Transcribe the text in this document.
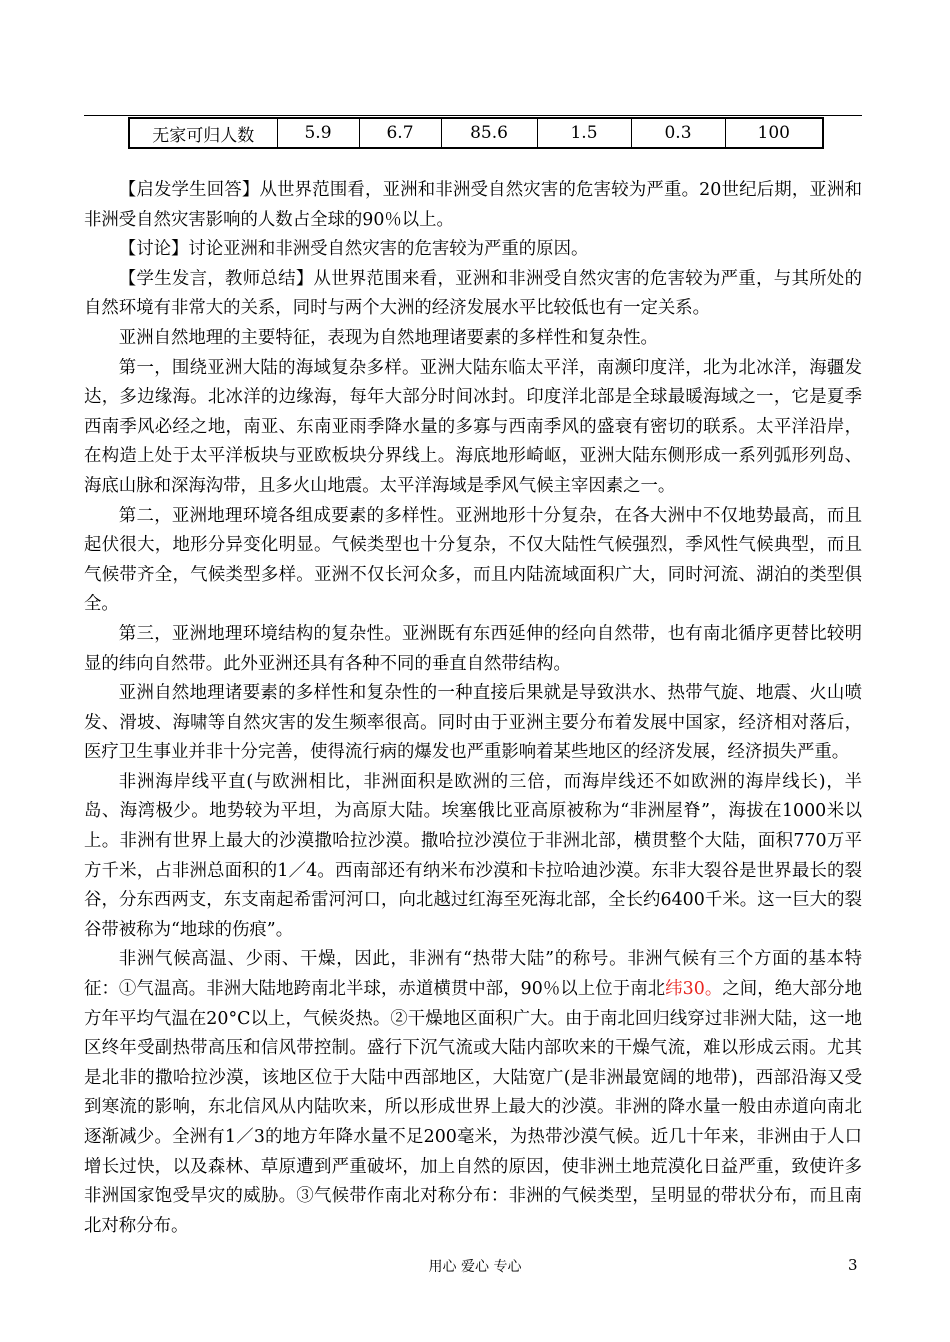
无家可归人数	5.9	6.7	85.6	1.5	0.3	100

【启发学生回答】从世界范围看，亚洲和非洲受自然灾害的危害较为严重。20世纪后期，亚洲和非洲受自然灾害影响的人数占全球的90％以上。

【讨论】讨论亚洲和非洲受自然灾害的危害较为严重的原因。

【学生发言，教师总结】从世界范围来看，亚洲和非洲受自然灾害的危害较为严重，与其所处的自然环境有非常大的关系，同时与两个大洲的经济发展水平比较低也有一定关系。

亚洲自然地理的主要特征，表现为自然地理诸要素的多样性和复杂性。

第一，围绕亚洲大陆的海域复杂多样。亚洲大陆东临太平洋，南濒印度洋，北为北冰洋，海疆发达，多边缘海。北冰洋的边缘海，每年大部分时间冰封。印度洋北部是全球最暖海域之一，它是夏季西南季风必经之地，南亚、东南亚雨季降水量的多寡与西南季风的盛衰有密切的联系。太平洋沿岸，在构造上处于太平洋板块与亚欧板块分界线上。海底地形崎岖，亚洲大陆东侧形成一系列弧形列岛、海底山脉和深海沟带，且多火山地震。太平洋海域是季风气候主宰因素之一。

第二，亚洲地理环境各组成要素的多样性。亚洲地形十分复杂，在各大洲中不仅地势最高，而且起伏很大，地形分异变化明显。气候类型也十分复杂，不仅大陆性气候强烈，季风性气候典型，而且气候带齐全，气候类型多样。亚洲不仅长河众多，而且内陆流域面积广大，同时河流、湖泊的类型俱全。

第三，亚洲地理环境结构的复杂性。亚洲既有东西延伸的经向自然带，也有南北循序更替比较明显的纬向自然带。此外亚洲还具有各种不同的垂直自然带结构。

亚洲自然地理诸要素的多样性和复杂性的一种直接后果就是导致洪水、热带气旋、地震、火山喷发、滑坡、海啸等自然灾害的发生频率很高。同时由于亚洲主要分布着发展中国家，经济相对落后，医疗卫生事业并非十分完善，使得流行病的爆发也严重影响着某些地区的经济发展，经济损失严重。

非洲海岸线平直(与欧洲相比，非洲面积是欧洲的三倍，而海岸线还不如欧洲的海岸线长)，半岛、海湾极少。地势较为平坦，为高原大陆。埃塞俄比亚高原被称为“非洲屋脊”，海拔在1000米以上。非洲有世界上最大的沙漠撒哈拉沙漠。撒哈拉沙漠位于非洲北部，横贯整个大陆，面积770万平方千米，占非洲总面积的1／4。西南部还有纳米布沙漠和卡拉哈迪沙漠。东非大裂谷是世界最长的裂谷，分东西两支，东支南起希雷河河口，向北越过红海至死海北部，全长约6400千米。这一巨大的裂谷带被称为“地球的伤痕”。

非洲气候高温、少雨、干燥，因此，非洲有“热带大陆”的称号。非洲气候有三个方面的基本特征：①气温高。非洲大陆地跨南北半球，赤道横贯中部，90％以上位于南北纬30。之间，绝大部分地方年平均气温在20°C以上，气候炎热。②干燥地区面积广大。由于南北回归线穿过非洲大陆，这一地区终年受副热带高压和信风带控制。盛行下沉气流或大陆内部吹来的干燥气流，难以形成云雨。尤其是北非的撒哈拉沙漠，该地区位于大陆中西部地区，大陆宽广(是非洲最宽阔的地带)，西部沿海又受到寒流的影响，东北信风从内陆吹来，所以形成世界上最大的沙漠。非洲的降水量一般由赤道向南北逐渐减少。全洲有1／3的地方年降水量不足200毫米，为热带沙漠气候。近几十年来，非洲由于人口增长过快，以及森林、草原遭到严重破坏，加上自然的原因，使非洲土地荒漠化日益严重，致使许多非洲国家饱受旱灾的威胁。③气候带作南北对称分布：非洲的气候类型，呈明显的带状分布，而且南北对称分布。

用心 爱心 专心	3
